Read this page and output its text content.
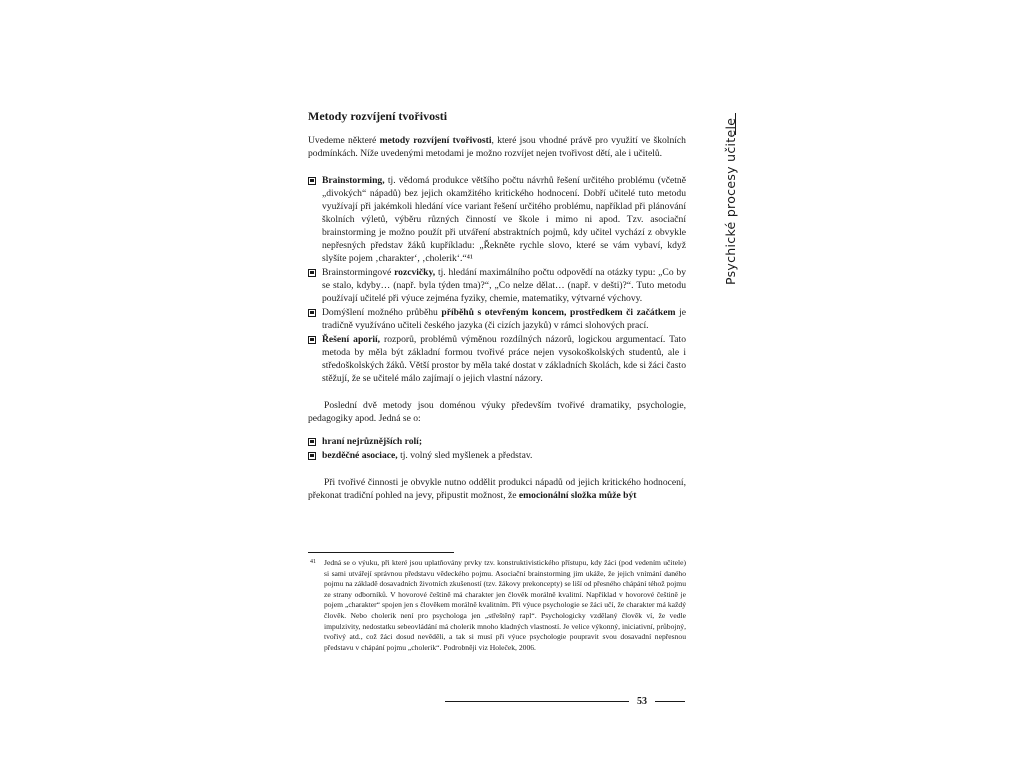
Psychické procesy učitele
Metody rozvíjení tvořivosti

Uvedeme některé metody rozvíjení tvořivosti, které jsou vhodné právě pro využití ve školních podmínkách. Níže uvedenými metodami je možno rozvíjet nejen tvořivost dětí, ale i učitelů.

Brainstorming, tj. vědomá produkce většího počtu návrhů řešení určitého problému (včetně „divokých“ nápadů) bez jejich okamžitého kritického hodnocení. Dobří učitelé tuto metodu využívají při jakémkoli hledání více variant řešení určitého problému, například při plánování školních výletů, výběru různých činností ve škole i mimo ni apod. Tzv. asociační brainstorming je možno použít při utváření abstraktních pojmů, kdy učitel vychází z obvykle nepřesných představ žáků kupříkladu: „Řekněte rychle slovo, které se vám vybaví, když slyšíte pojem ‚charakter‘, ‚cholerik‘.“⁴¹
Brainstormingové rozcvičky, tj. hledání maximálního počtu odpovědí na otázky typu: „Co by se stalo, kdyby… (např. byla týden tma)?“, „Co nelze dělat… (např. v dešti)?“. Tuto metodu používají učitelé při výuce zejména fyziky, chemie, matematiky, výtvarné výchovy.
Domýšlení možného průběhu příběhů s otevřeným koncem, prostředkem či začátkem je tradičně využíváno učiteli českého jazyka (či cizích jazyků) v rámci slohových prací.
Řešení aporií, rozporů, problémů výměnou rozdílných názorů, logickou argumentací. Tato metoda by měla být základní formou tvořivé práce nejen vysokoškolských studentů, ale i středoškolských žáků. Větší prostor by měla také dostat v základních školách, kde si žáci často stěžují, že se učitelé málo zajímají o jejich vlastní názory.

Poslední dvě metody jsou doménou výuky především tvořivé dramatiky, psychologie, pedagogiky apod. Jedná se o:

hraní nejrůznějších rolí;
bezděčné asociace, tj. volný sled myšlenek a představ.

Při tvořivé činnosti je obvykle nutno oddělit produkci nápadů od jejich kritického hodnocení, překonat tradiční pohled na jevy, připustit možnost, že emocionální složka může být

41 Jedná se o výuku, při které jsou uplatňovány prvky tzv. konstruktivistického přístupu, kdy žáci (pod vedením učitele) si sami utvářejí správnou představu vědeckého pojmu. Asociační brainstorming jim ukáže, že jejich vnímání daného pojmu na základě dosavadních životních zkušeností (tzv. žákovy prekoncepty) se liší od přesného chápání téhož pojmu ze strany odborníků. V hovorové češtině má charakter jen člověk morálně kvalitní. Například v hovorové češtině je pojem „charakter“ spojen jen s člověkem morálně kvalitním. Při výuce psychologie se žáci učí, že charakter má každý člověk. Nebo cholerik není pro psychologa jen „střeštěný rapl“. Psychologicky vzdělaný člověk ví, že vedle impulzivity, nedostatku sebeovládání má cholerik mnoho kladných vlastností. Je velice výkonný, iniciativní, průbojný, tvořivý atd., což žáci dosud nevěděli, a tak si musí při výuce psychologie poupravit svou dosavadní nepřesnou představu v chápání pojmu „cholerik“. Podrobněji viz Holeček, 2006.

53
